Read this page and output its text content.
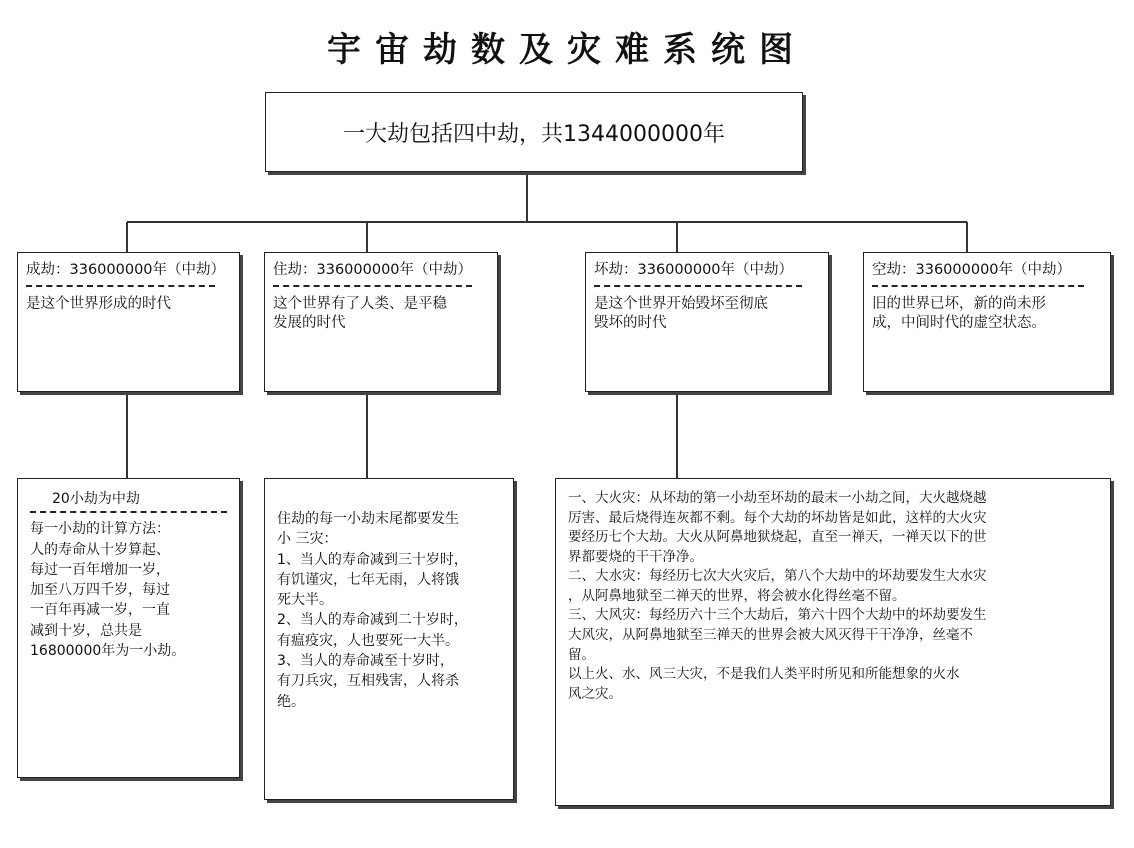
宇宙劫数及灾难系统图
一大劫包括四中劫，共1344000000年
成劫：336000000年（中劫）
是这个世界形成的时代
住劫：336000000年（中劫）
这个世界有了人类、是平稳
发展的时代
坏劫：336000000年（中劫）
是这个世界开始毁坏至彻底
毁坏的时代
空劫：336000000年（中劫）
旧的世界已坏，新的尚未形
成，中间时代的虚空状态。
20小劫为中劫
每一小劫的计算方法：
人的寿命从十岁算起、
每过一百年增加一岁，
加至八万四千岁，每过
一百年再减一岁，一直
减到十岁，总共是
16800000年为一小劫。
住劫的每一小劫末尾都要发生
小 三灾：
1、当人的寿命减到三十岁时，
有饥谨灾，七年无雨，人将饿
死大半。
2、当人的寿命减到二十岁时，
有瘟疫灾，人也要死一大半。
3、当人的寿命减至十岁时，
有刀兵灾，互相残害，人将杀
绝。
一、大火灾：从坏劫的第一小劫至坏劫的最末一小劫之间，大火越烧越
厉害、最后烧得连灰都不剩。每个大劫的坏劫皆是如此，这样的大火灾
要经历七个大劫。大火从阿鼻地狱烧起，直至一禅天，一禅天以下的世
界都要烧的干干净净。
二、大水灾：每经历七次大火灾后，第八个大劫中的坏劫要发生大水灾
，从阿鼻地狱至二禅天的世界，将会被水化得丝毫不留。
三、大风灾：每经历六十三个大劫后，第六十四个大劫中的坏劫要发生
大风灾，从阿鼻地狱至三禅天的世界会被大风灭得干干净净，丝毫不
留。
以上火、水、风三大灾，不是我们人类平时所见和所能想象的火水
风之灾。
